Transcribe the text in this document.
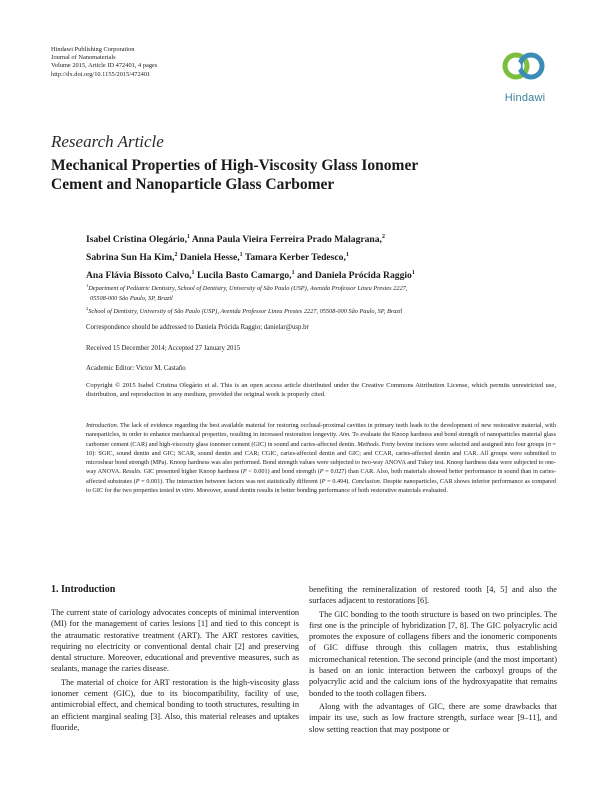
Hindawi Publishing Corporation
Journal of Nanomaterials
Volume 2015, Article ID 472401, 4 pages
http://dx.doi.org/10.1155/2015/472401
Hindawi
Research Article
Mechanical Properties of High-Viscosity Glass Ionomer
Cement and Nanoparticle Glass Carbomer
Isabel Cristina Olegário,$^1$ Anna Paula Vieira Ferreira Prado Malagrana,$^2$
Sabrina Sun Ha Kim,$^2$ Daniela Hesse,$^1$ Tamara Kerber Tedesco,$^1$
Ana Flávia Bissoto Calvo,$^1$ Lucila Basto Camargo,$^1$ and Daniela Prócida Raggio$^1$
$^1$Department of Pediatric Dentistry, School of Dentistry, University of São Paulo (USP), Avenida Professor Lineu Prestes 2227,
05508-000 São Paulo, SP, Brazil
$^2$School of Dentistry, University of São Paulo (USP), Avenida Professor Lineu Prestes 2227, 05508-000 São Paulo, SP, Brazil
Correspondence should be addressed to Daniela Prócida Raggio; danielar@usp.br
Received 15 December 2014; Accepted 27 January 2015
Academic Editor: Victor M. Castaño
Copyright © 2015 Isabel Cristina Olegário et al. This is an open access article distributed under the Creative Commons Attribution License, which permits unrestricted use, distribution, and reproduction in any medium, provided the original work is properly cited.
Introduction. The lack of evidence regarding the best available material for restoring occlusal-proximal cavities in primary teeth leads to the development of new restorative material, with nanoparticles, in order to enhance mechanical properties, resulting in increased restoration longevity. Aim. To evaluate the Knoop hardness and bond strength of nanoparticles material glass carbomer cement (CAR) and high-viscosity glass ionomer cement (GIC) in sound and caries-affected dentin. Methods. Forty bovine incisors were selected and assigned into four groups (n = 10): SGIC, sound dentin and GIC; SCAR, sound dentin and CAR; CGIC, caries-affected dentin and GIC; and CCAR, caries-affected dentin and CAR. All groups were submitted to microshear bond strength (MPa). Knoop hardness was also performed. Bond strength values were subjected to two-way ANOVA and Tukey test. Knoop hardness data were subjected to one-way ANOVA. Results. GIC presented higher Knoop hardness (P < 0.001) and bond strength (P = 0.027) than CAR. Also, both materials showed better performance in sound than in caries-affected substrates (P = 0.001). The interaction between factors was not statistically different (P = 0.494). Conclusion. Despite nanoparticles, CAR shows inferior performance as compared to GIC for the two properties tested in vitro. Moreover, sound dentin results in better bonding performance of both restorative materials evaluated.
1. Introduction

The current state of cariology advocates concepts of minimal intervention (MI) for the management of caries lesions [1] and tied to this concept is the atraumatic restorative treatment (ART). The ART restores cavities, requiring no electricity or conventional dental chair [2] and preserving dental structure. Moreover, educational and preventive measures, such as sealants, manage the caries disease.

The material of choice for ART restoration is the high-viscosity glass ionomer cement (GIC), due to its biocompatibility, facility of use, antimicrobial effect, and chemical bonding to tooth structures, resulting in an efficient marginal sealing [3]. Also, this material releases and uptakes fluoride,

benefiting the remineralization of restored tooth [4, 5] and also the surfaces adjacent to restorations [6].

The GIC bonding to the tooth structure is based on two principles. The first one is the principle of hybridization [7, 8]. The GIC polyacrylic acid promotes the exposure of collagens fibers and the ionomeric components of GIC diffuse through this collagen matrix, thus establishing micromechanical retention. The second principle (and the most important) is based on an ionic interaction between the carboxyl groups of the polyacrylic acid and the calcium ions of the hydroxyapatite that remains bonded to the tooth collagen fibers.

Along with the advantages of GIC, there are some drawbacks that impair its use, such as low fracture strength, surface wear [9–11], and slow setting reaction that may postpone or
